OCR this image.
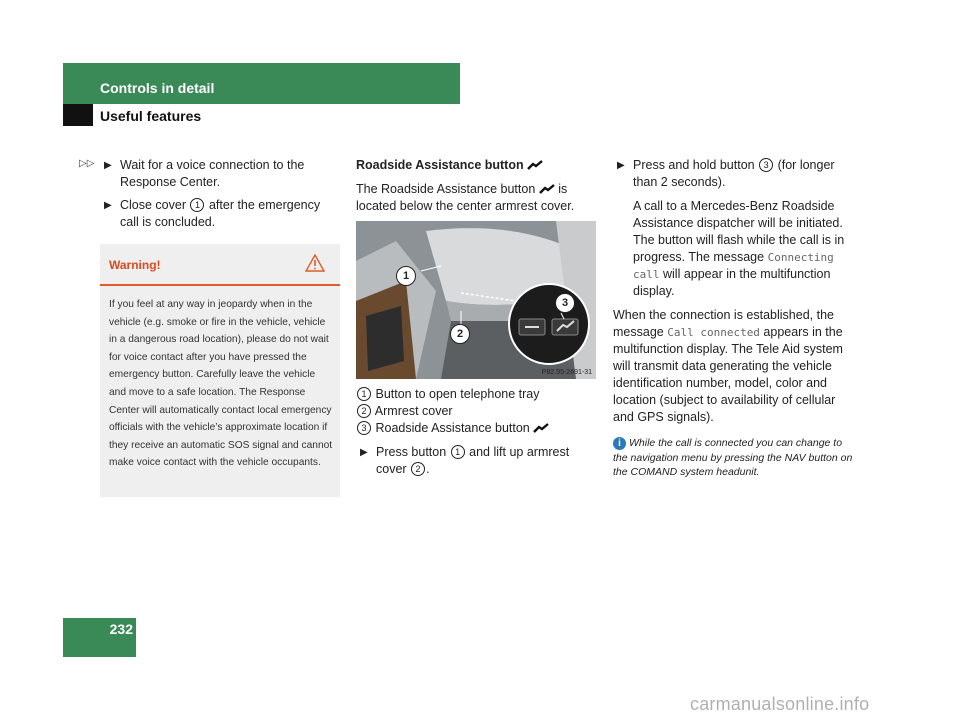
Controls in detail
Useful features
▷▷ ▶ Wait for a voice connection to the Response Center.

▶ Close cover 1 after the emergency call is concluded.

Warning!
If you feel at any way in jeopardy when in the vehicle (e.g. smoke or fire in the vehicle, vehicle in a dangerous road location), please do not wait for voice contact after you have pressed the emergency button. Carefully leave the vehicle and move to a safe location. The Response Center will automatically contact local emergency officials with the vehicle’s approximate location if they receive an automatic SOS signal and cannot make voice contact with the vehicle occupants.

Roadside Assistance button

The Roadside Assistance button is located below the center armrest cover.

1
2
3
P82.95-2691-31

1 Button to open telephone tray

2 Armrest cover

3 Roadside Assistance button

▶ Press button 1 and lift up armrest cover 2 .

▶ Press and hold button 3 (for longer than 2 seconds).

A call to a Mercedes-Benz Roadside Assistance dispatcher will be initiated. The button will flash while the call is in progress. The message Connecting call will appear in the multifunction display.

When the connection is established, the message Call connected appears in the multifunction display. The Tele Aid system will transmit data generating the vehicle identification number, model, color and location (subject to availability of cellular and GPS signals).

i While the call is connected you can change to the navigation menu by pressing the NAV button on the COMAND system headunit.
232
carmanualsonline.info
